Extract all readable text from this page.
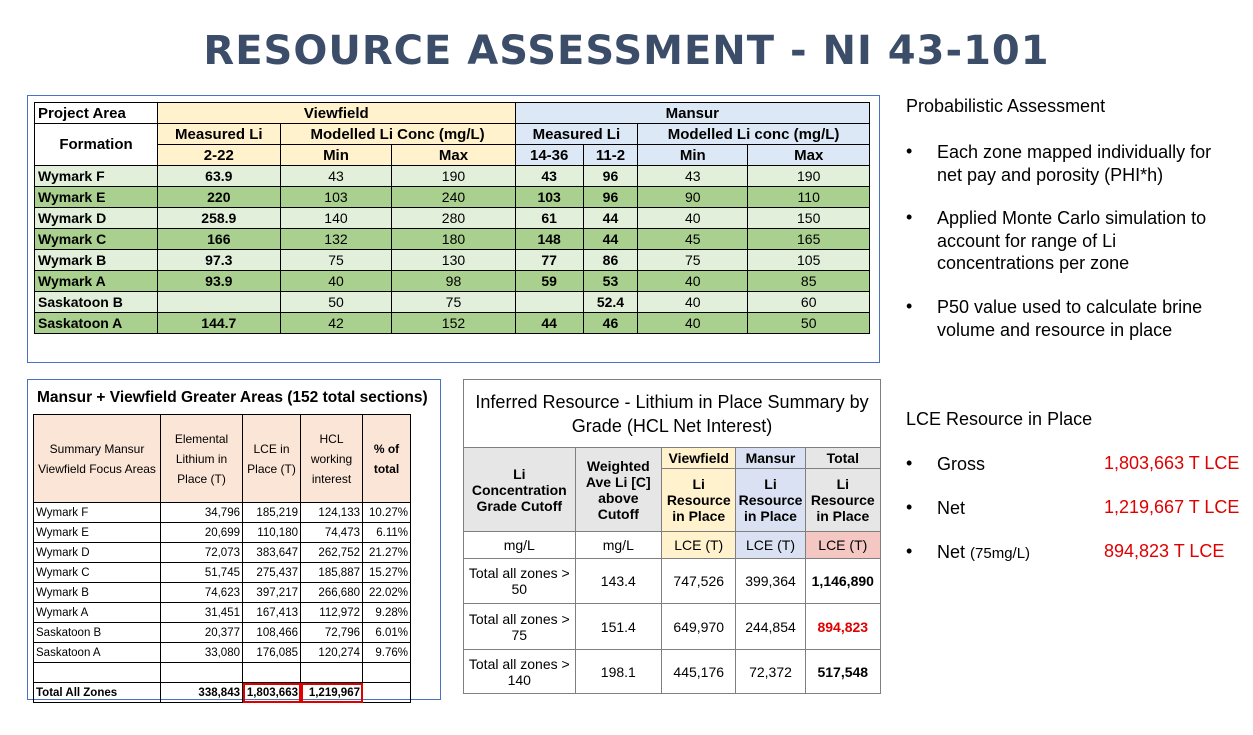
RESOURCE ASSESSMENT - NI 43-101
Project Area	Viewfield			Mansur			
Formation	Measured Li	Modelled Li Conc (mg/L)		Measured Li		Modelled Li conc (mg/L)	
	2-22	Min	Max	14-36	11-2	Min	Max
Wymark F	63.9	43	190	43	96	43	190
Wymark E	220	103	240	103	96	90	110
Wymark D	258.9	140	280	61	44	40	150
Wymark C	166	132	180	148	44	45	165
Wymark B	97.3	75	130	77	86	75	105
Wymark A	93.9	40	98	59	53	40	85
Saskatoon B		50	75		52.4	40	60
Saskatoon A	144.7	42	152	44	46	40	50
Mansur + Viewfield Greater Areas (152 total sections)
Summary Mansur Viewfield Focus Areas	Elemental Lithium in Place (T)	LCE in Place (T)	HCL working interest	% of total
Wymark F	34,796	185,219	124,133	10.27%
Wymark E	20,699	110,180	74,473	6.11%
Wymark D	72,073	383,647	262,752	21.27%
Wymark C	51,745	275,437	185,887	15.27%
Wymark B	74,623	397,217	266,680	22.02%
Wymark A	31,451	167,413	112,972	9.28%
Saskatoon B	20,377	108,466	72,796	6.01%
Saskatoon A	33,080	176,085	120,274	9.76%

Total All Zones	338,843	1,803,663	1,219,967	
Inferred Resource - Lithium in Place Summary by Grade (HCL Net Interest)				
Li Concentration Grade Cutoff	Weighted Ave Li [C] above Cutoff	Viewfield	Mansur	Total
		Li Resource in Place	Li Resource in Place	Li Resource in Place
mg/L	mg/L	LCE (T)	LCE (T)	LCE (T)
Total all zones > 50	143.4	747,526	399,364	1,146,890
Total all zones > 75	151.4	649,970	244,854	894,823
Total all zones > 140	198.1	445,176	72,372	517,548
Probabilistic Assessment
• Each zone mapped individually for net pay and porosity (PHI*h)
• Applied Monte Carlo simulation to account for range of Li concentrations per zone
• P50 value used to calculate brine volume and resource in place
LCE Resource in Place
• Gross	1,803,663 T LCE
• Net	1,219,667 T LCE
• Net (75mg/L)	894,823 T LCE
